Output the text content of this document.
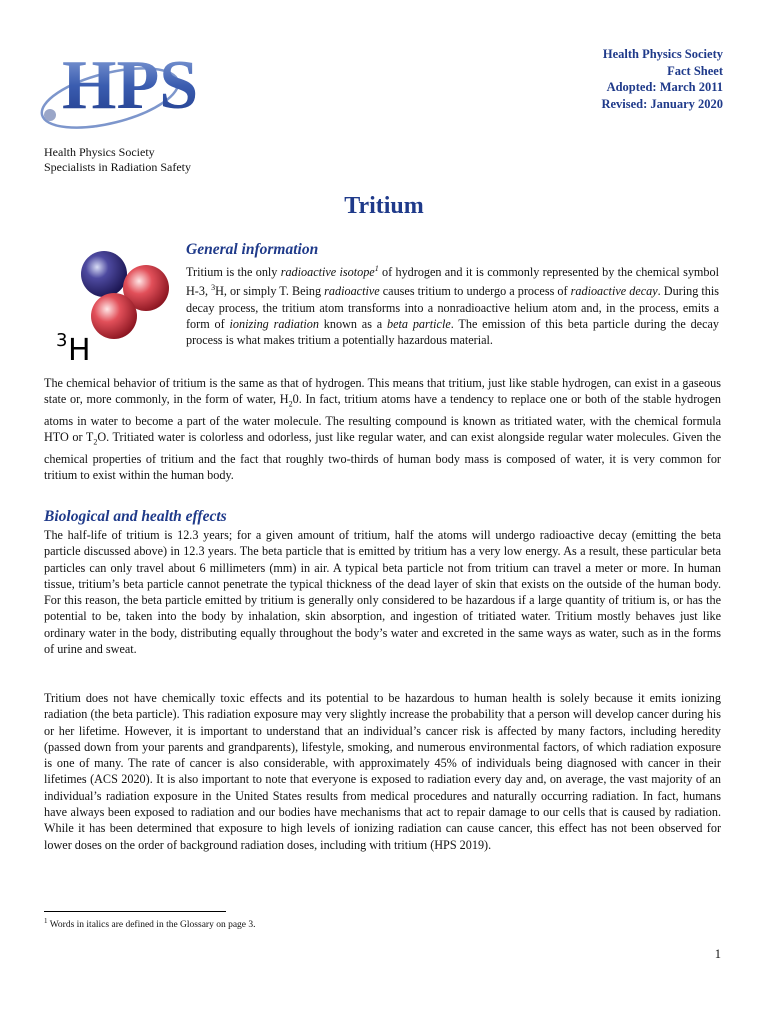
HPS
Health Physics Society
Specialists in Radiation Safety
Health Physics Society
Fact Sheet
Adopted: March 2011
Revised: January 2020
Tritium
3 H
General information

Tritium is the only radioactive isotope$^1$ of hydrogen and it is commonly represented by the chemical symbol H-3, $^3$H, or simply T. Being radioactive causes tritium to undergo a process of radioactive decay. During this decay process, the tritium atom transforms into a nonradioactive helium atom and, in the process, emits a form of ionizing radiation known as a beta particle. The emission of this beta particle during the decay process is what makes tritium a potentially hazardous material.

The chemical behavior of tritium is the same as that of hydrogen. This means that tritium, just like stable hydrogen, can exist in a gaseous state or, more commonly, in the form of water, $H_20$. In fact, tritium atoms have a tendency to replace one or both of the stable hydrogen atoms in water to become a part of the water molecule. The resulting compound is known as tritiated water, with the chemical formula HTO or $T_2O$. Tritiated water is colorless and odorless, just like regular water, and can exist alongside regular water molecules. Given the chemical properties of tritium and the fact that roughly two-thirds of human body mass is composed of water, it is very common for tritium to exist within the human body.

Biological and health effects

The half-life of tritium is 12.3 years; for a given amount of tritium, half the atoms will undergo radioactive decay (emitting the beta particle discussed above) in 12.3 years. The beta particle that is emitted by tritium has a very low energy. As a result, these particular beta particles can only travel about 6 millimeters (mm) in air. A typical beta particle not from tritium can travel a meter or more. In human tissue, tritium’s beta particle cannot penetrate the typical thickness of the dead layer of skin that exists on the outside of the human body. For this reason, the beta particle emitted by tritium is generally only considered to be hazardous if a large quantity of tritium is, or has the potential to be, taken into the body by inhalation, skin absorption, and ingestion of tritiated water. Tritium mostly behaves just like ordinary water in the body, distributing equally throughout the body’s water and excreted in the same ways as water, such as in the forms of urine and sweat.

Tritium does not have chemically toxic effects and its potential to be hazardous to human health is solely because it emits ionizing radiation (the beta particle). This radiation exposure may very slightly increase the probability that a person will develop cancer during his or her lifetime. However, it is important to understand that an individual’s cancer risk is affected by many factors, including heredity (passed down from your parents and grandparents), lifestyle, smoking, and numerous environmental factors, of which radiation exposure is one of many. The rate of cancer is also considerable, with approximately 45% of individuals being diagnosed with cancer in their lifetimes (ACS 2020). It is also important to note that everyone is exposed to radiation every day and, on average, the vast majority of an individual’s radiation exposure in the United States results from medical procedures and naturally occurring radiation. In fact, humans have always been exposed to radiation and our bodies have mechanisms that act to repair damage to our cells that is caused by radiation. While it has been determined that exposure to high levels of ionizing radiation can cause cancer, this effect has not been observed for lower doses on the order of background radiation doses, including with tritium (HPS 2019).

$^1$ Words in italics are defined in the Glossary on page 3.
1
